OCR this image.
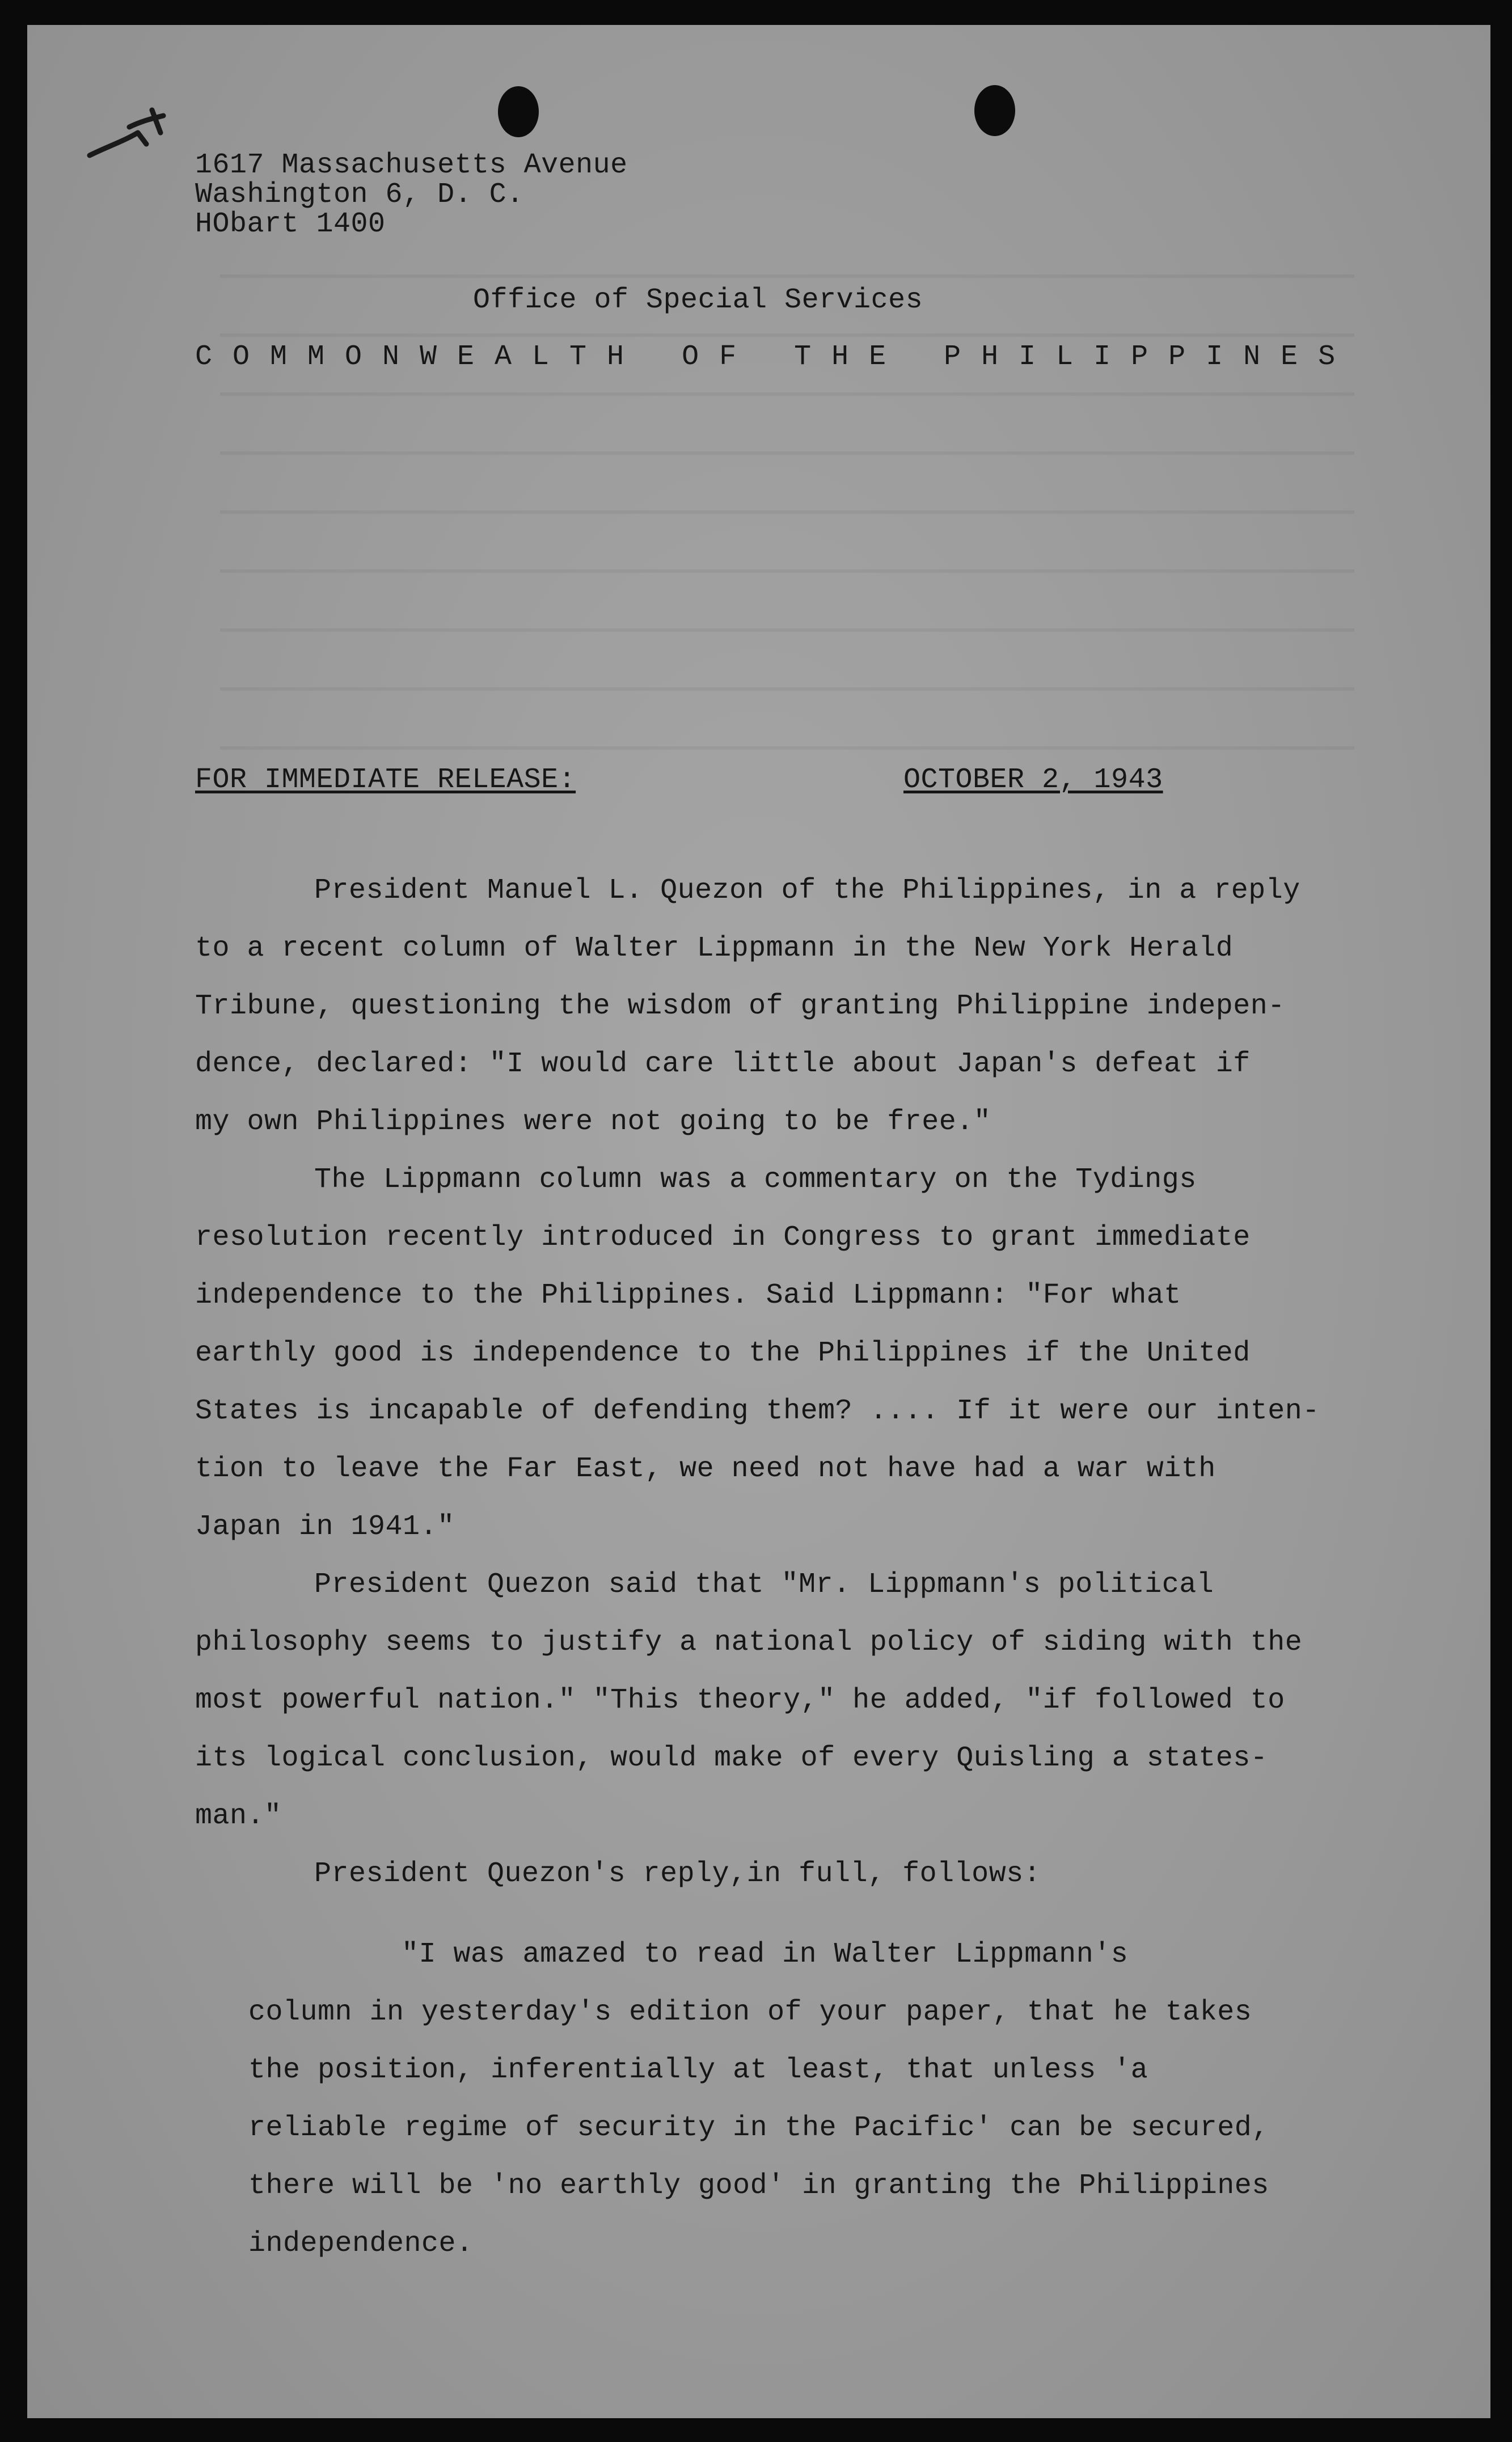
1617 Massachusetts Avenue
Washington 6, D. C.
HObart 1400
Office of Special Services
COMMONWEALTH OF THE PHILIPPINES
FOR IMMEDIATE RELEASE:	OCTOBER 2, 1943
President Manuel L. Quezon of the Philippines, in a reply
to a recent column of Walter Lippmann in the New York Herald
Tribune, questioning the wisdom of granting Philippine indepen-
dence, declared: "I would care little about Japan's defeat if
my own Philippines were not going to be free."
The Lippmann column was a commentary on the Tydings
resolution recently introduced in Congress to grant immediate
independence to the Philippines. Said Lippmann: "For what
earthly good is independence to the Philippines if the United
States is incapable of defending them? .... If it were our inten-
tion to leave the Far East, we need not have had a war with
Japan in 1941."
President Quezon said that "Mr. Lippmann's political
philosophy seems to justify a national policy of siding with the
most powerful nation." "This theory," he added, "if followed to
its logical conclusion, would make of every Quisling a states-
man."
President Quezon's reply,in full, follows:
"I was amazed to read in Walter Lippmann's
column in yesterday's edition of your paper, that he takes
the position, inferentially at least, that unless 'a
reliable regime of security in the Pacific' can be secured,
there will be 'no earthly good' in granting the Philippines
independence.
